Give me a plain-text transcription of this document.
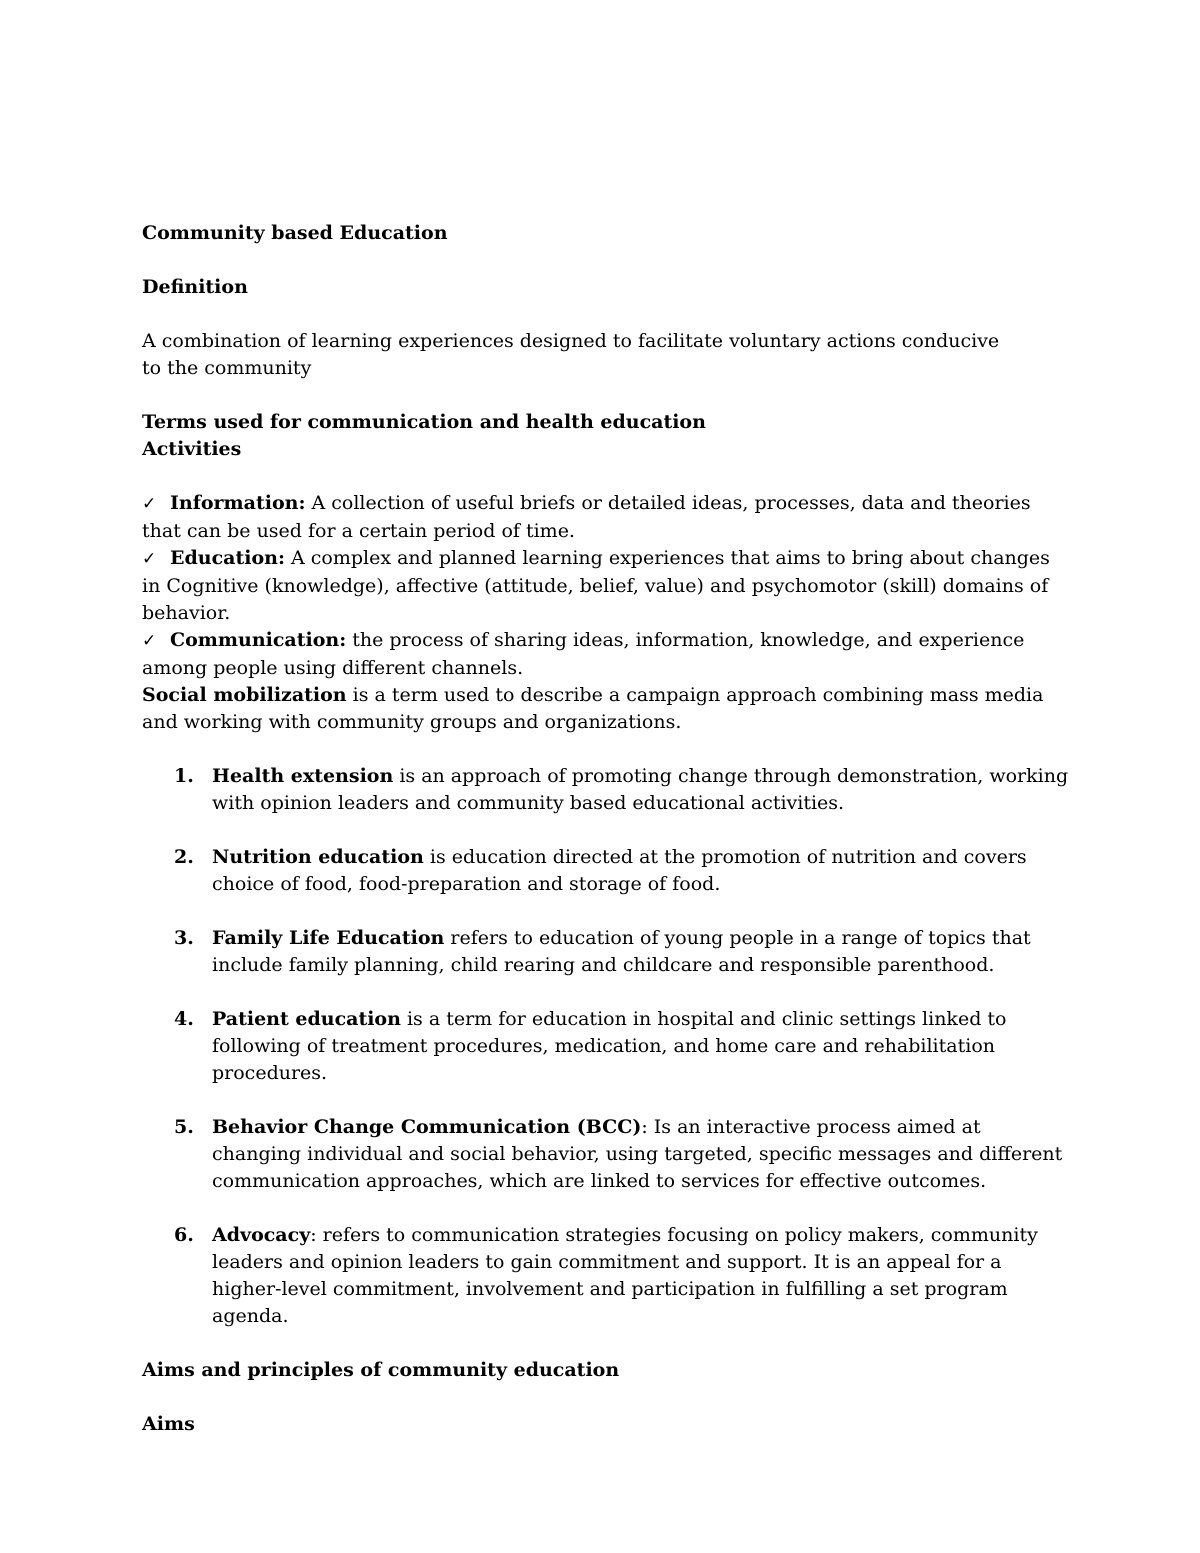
Community based Education

Definition

A combination of learning experiences designed to facilitate voluntary actions conducive to the community

Terms used for communication and health education

Activities

✓ Information: A collection of useful briefs or detailed ideas, processes, data and theories that can be used for a certain period of time.

✓ Education: A complex and planned learning experiences that aims to bring about changes in Cognitive (knowledge), affective (attitude, belief, value) and psychomotor (skill) domains of behavior.

✓ Communication: the process of sharing ideas, information, knowledge, and experience among people using different channels.

Social mobilization is a term used to describe a campaign approach combining mass media and working with community groups and organizations.

1. Health extension is an approach of promoting change through demonstration, working with opinion leaders and community based educational activities.
2. Nutrition education is education directed at the promotion of nutrition and covers choice of food, food-preparation and storage of food.
3. Family Life Education refers to education of young people in a range of topics that include family planning, child rearing and childcare and responsible parenthood.
4. Patient education is a term for education in hospital and clinic settings linked to following of treatment procedures, medication, and home care and rehabilitation procedures.
5. Behavior Change Communication (BCC): Is an interactive process aimed at changing individual and social behavior, using targeted, specific messages and different communication approaches, which are linked to services for effective outcomes.
6. Advocacy: refers to communication strategies focusing on policy makers, community leaders and opinion leaders to gain commitment and support. It is an appeal for a higher-level commitment, involvement and participation in fulfilling a set program agenda.

Aims and principles of community education

Aims
